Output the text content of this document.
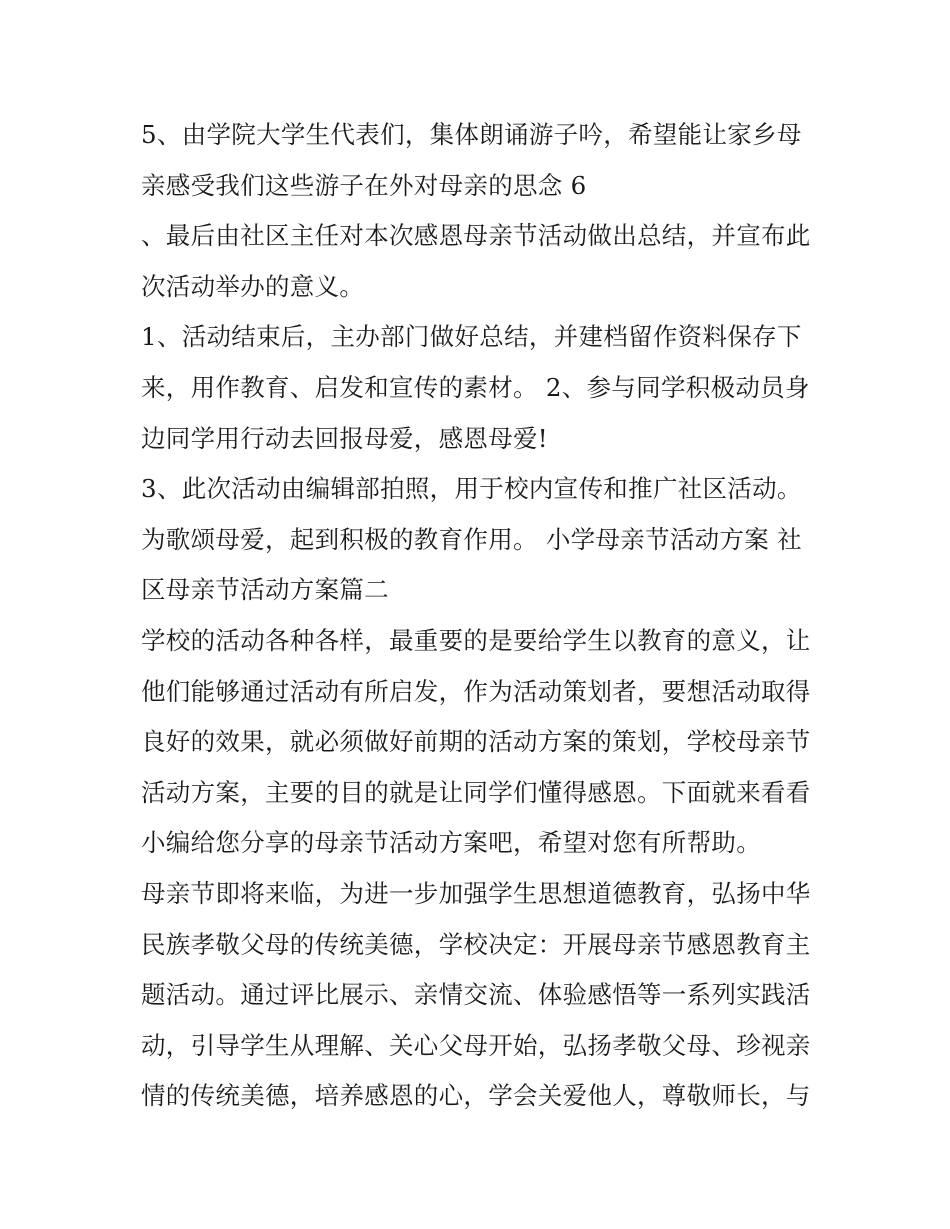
5、由学院大学生代表们，集体朗诵游子吟，希望能让家乡母
亲感受我们这些游子在外对母亲的思念 6
、最后由社区主任对本次感恩母亲节活动做出总结，并宣布此
次活动举办的意义。
1、活动结束后，主办部门做好总结，并建档留作资料保存下
来，用作教育、启发和宣传的素材。 2、参与同学积极动员身
边同学用行动去回报母爱，感恩母爱!
3、此次活动由编辑部拍照，用于校内宣传和推广社区活动。
为歌颂母爱，起到积极的教育作用。 小学母亲节活动方案 社
区母亲节活动方案篇二
学校的活动各种各样，最重要的是要给学生以教育的意义，让
他们能够通过活动有所启发，作为活动策划者，要想活动取得
良好的效果，就必须做好前期的活动方案的策划，学校母亲节
活动方案，主要的目的就是让同学们懂得感恩。下面就来看看
小编给您分享的母亲节活动方案吧，希望对您有所帮助。
母亲节即将来临，为进一步加强学生思想道德教育，弘扬中华
民族孝敬父母的传统美德，学校决定：开展母亲节感恩教育主
题活动。通过评比展示、亲情交流、体验感悟等一系列实践活
动，引导学生从理解、关心父母开始，弘扬孝敬父母、珍视亲
情的传统美德，培养感恩的心，学会关爱他人，尊敬师长，与
